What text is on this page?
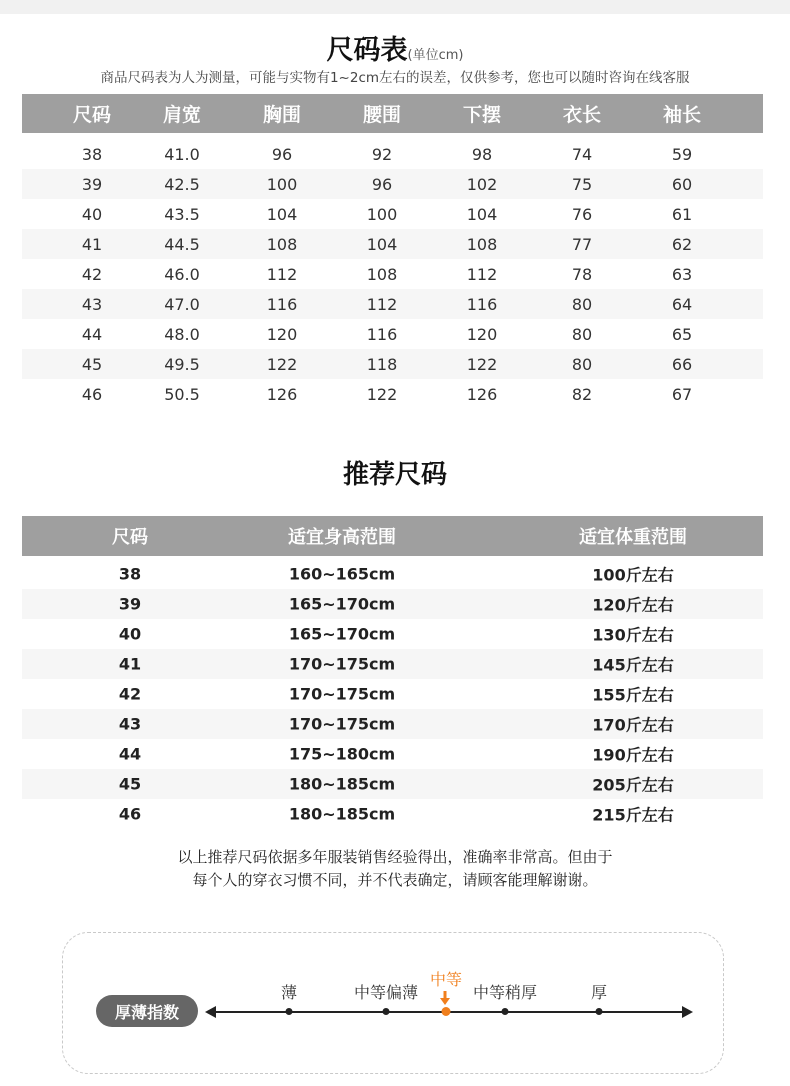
尺码表(单位cm)
商品尺码表为人为测量，可能与实物有1~2cm左右的误差，仅供参考，您也可以随时咨询在线客服
尺码	肩宽	胸围	腰围	下摆	衣长	袖长
38	41.0	96	92	98	74	59
39	42.5	100	96	102	75	60
40	43.5	104	100	104	76	61
41	44.5	108	104	108	77	62
42	46.0	112	108	112	78	63
43	47.0	116	112	116	80	64
44	48.0	120	116	120	80	65
45	49.5	122	118	122	80	66
46	50.5	126	122	126	82	67
推荐尺码
尺码	适宜身高范围	适宜体重范围
38	160~165cm	100斤左右
39	165~170cm	120斤左右
40	165~170cm	130斤左右
41	170~175cm	145斤左右
42	170~175cm	155斤左右
43	170~175cm	170斤左右
44	175~180cm	190斤左右
45	180~185cm	205斤左右
46	180~185cm	215斤左右
以上推荐尺码依据多年服装销售经验得出，准确率非常高。但由于
每个人的穿衣习惯不同，并不代表确定，请顾客能理解谢谢。
厚薄指数
薄	中等偏薄
中等
中等稍厚	厚
